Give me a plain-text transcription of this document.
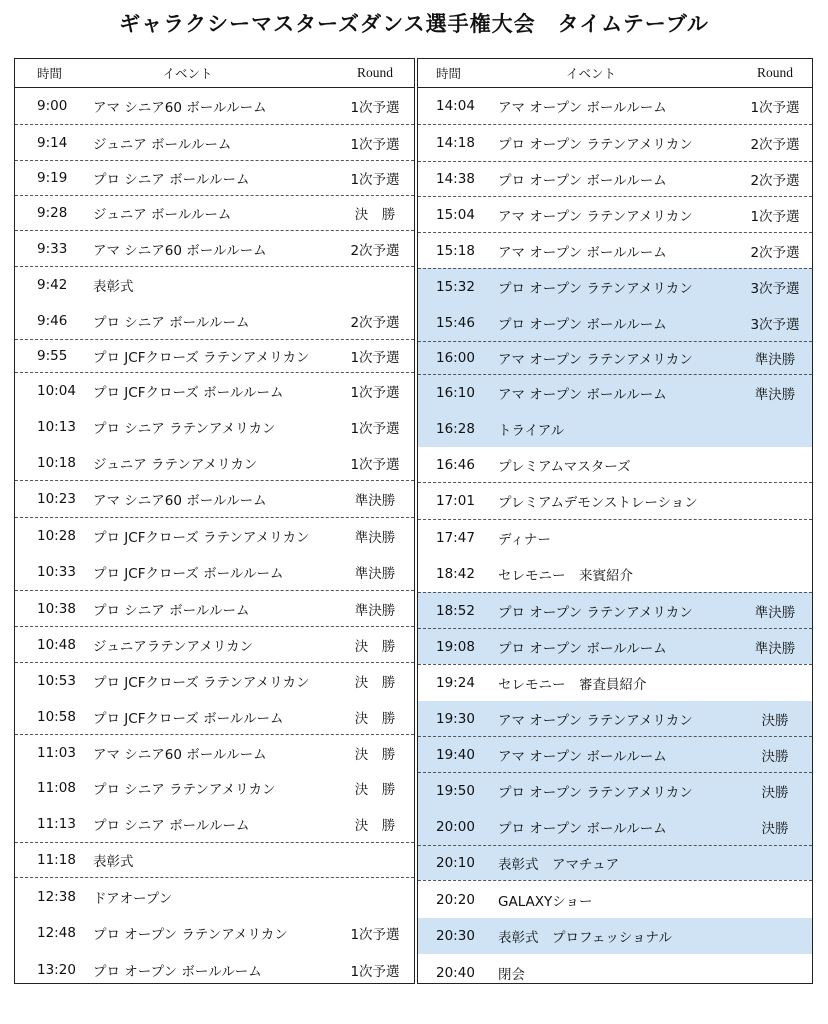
ギャラクシーマスターズダンス選手権大会　タイムテーブル
時間	イベント	Round
9:00	アマ シニア60 ボールルーム	1次予選
9:14	ジュニア ボールルーム	1次予選
9:19	プロ シニア ボールルーム	1次予選
9:28	ジュニア ボールルーム	決　勝
9:33	アマ シニア60 ボールルーム	2次予選
9:42	表彰式
9:46	プロ シニア ボールルーム	2次予選
9:55	プロ JCFクローズ ラテンアメリカン	1次予選
10:04	プロ JCFクローズ ボールルーム	1次予選
10:13	プロ シニア ラテンアメリカン	1次予選
10:18	ジュニア ラテンアメリカン	1次予選
10:23	アマ シニア60 ボールルーム	準決勝
10:28	プロ JCFクローズ ラテンアメリカン	準決勝
10:33	プロ JCFクローズ ボールルーム	準決勝
10:38	プロ シニア ボールルーム	準決勝
10:48	ジュニアラテンアメリカン	決　勝
10:53	プロ JCFクローズ ラテンアメリカン	決　勝
10:58	プロ JCFクローズ ボールルーム	決　勝
11:03	アマ シニア60 ボールルーム	決　勝
11:08	プロ シニア ラテンアメリカン	決　勝
11:13	プロ シニア ボールルーム	決　勝
11:18	表彰式
12:38	ドアオープン
12:48	プロ オープン ラテンアメリカン	1次予選
13:20	プロ オープン ボールルーム	1次予選
時間	イベント	Round
14:04	アマ オープン ボールルーム	1次予選
14:18	プロ オープン ラテンアメリカン	2次予選
14:38	プロ オープン ボールルーム	2次予選
15:04	アマ オープン ラテンアメリカン	1次予選
15:18	アマ オープン ボールルーム	2次予選
15:32	プロ オープン ラテンアメリカン	3次予選
15:46	プロ オープン ボールルーム	3次予選
16:00	アマ オープン ラテンアメリカン	準決勝
16:10	アマ オープン ボールルーム	準決勝
16:28	トライアル
16:46	プレミアムマスターズ
17:01	プレミアムデモンストレーション
17:47	ディナー
18:42	セレモニー　来賓紹介
18:52	プロ オープン ラテンアメリカン	準決勝
19:08	プロ オープン ボールルーム	準決勝
19:24	セレモニー　審査員紹介
19:30	アマ オープン ラテンアメリカン	決勝
19:40	アマ オープン ボールルーム	決勝
19:50	プロ オープン ラテンアメリカン	決勝
20:00	プロ オープン ボールルーム	決勝
20:10	表彰式　アマチュア
20:20	GALAXYショー
20:30	表彰式　プロフェッショナル
20:40	閉会
